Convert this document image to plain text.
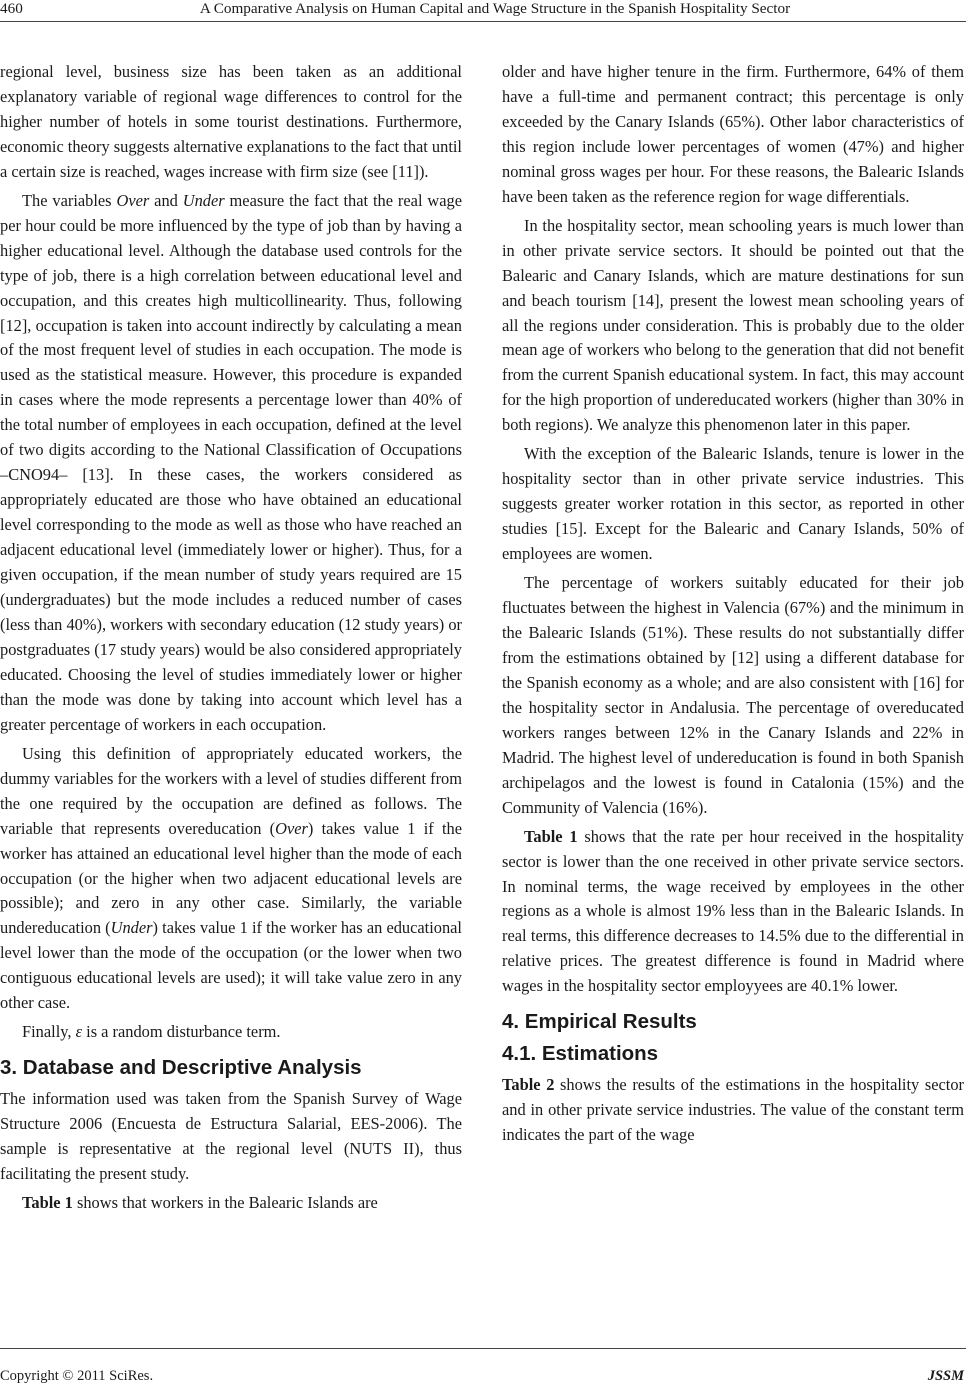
460	A Comparative Analysis on Human Capital and Wage Structure in the Spanish Hospitality Sector

regional level, business size has been taken as an additional explanatory variable of regional wage differences to control for the higher number of hotels in some tourist destinations. Furthermore, economic theory suggests alternative explanations to the fact that until a certain size is reached, wages increase with firm size (see [11]).

The variables Over and Under measure the fact that the real wage per hour could be more influenced by the type of job than by having a higher educational level. Although the database used controls for the type of job, there is a high correlation between educational level and occupation, and this creates high multicollinearity. Thus, following [12], occupation is taken into account indirectly by calculating a mean of the most frequent level of studies in each occupation. The mode is used as the statistical measure. However, this procedure is expanded in cases where the mode represents a percentage lower than 40% of the total number of employees in each occupation, defined at the level of two digits according to the National Classification of Occupations –CNO94– [13]. In these cases, the workers considered as appropriately educated are those who have obtained an educational level corresponding to the mode as well as those who have reached an adjacent educational level (immediately lower or higher). Thus, for a given occupation, if the mean number of study years required are 15 (undergraduates) but the mode includes a reduced number of cases (less than 40%), workers with secondary education (12 study years) or postgraduates (17 study years) would be also considered appropriately educated. Choosing the level of studies immediately lower or higher than the mode was done by taking into account which level has a greater percentage of workers in each occupation.

Using this definition of appropriately educated workers, the dummy variables for the workers with a level of studies different from the one required by the occupation are defined as follows. The variable that represents overeducation (Over) takes value 1 if the worker has attained an educational level higher than the mode of each occupation (or the higher when two adjacent educational levels are possible); and zero in any other case. Similarly, the variable undereducation (Under) takes value 1 if the worker has an educational level lower than the mode of the occupation (or the lower when two contiguous educational levels are used); it will take value zero in any other case.

Finally, ε is a random disturbance term.

3. Database and Descriptive Analysis

The information used was taken from the Spanish Survey of Wage Structure 2006 (Encuesta de Estructura Salarial, EES-2006). The sample is representative at the regional level (NUTS II), thus facilitating the present study.

Table 1 shows that workers in the Balearic Islands are

older and have higher tenure in the firm. Furthermore, 64% of them have a full-time and permanent contract; this percentage is only exceeded by the Canary Islands (65%). Other labor characteristics of this region include lower percentages of women (47%) and higher nominal gross wages per hour. For these reasons, the Balearic Islands have been taken as the reference region for wage differentials.

In the hospitality sector, mean schooling years is much lower than in other private service sectors. It should be pointed out that the Balearic and Canary Islands, which are mature destinations for sun and beach tourism [14], present the lowest mean schooling years of all the regions under consideration. This is probably due to the older mean age of workers who belong to the generation that did not benefit from the current Spanish educational system. In fact, this may account for the high proportion of undereducated workers (higher than 30% in both regions). We analyze this phenomenon later in this paper.

With the exception of the Balearic Islands, tenure is lower in the hospitality sector than in other private service industries. This suggests greater worker rotation in this sector, as reported in other studies [15]. Except for the Balearic and Canary Islands, 50% of employees are women.

The percentage of workers suitably educated for their job fluctuates between the highest in Valencia (67%) and the minimum in the Balearic Islands (51%). These results do not substantially differ from the estimations obtained by [12] using a different database for the Spanish economy as a whole; and are also consistent with [16] for the hospitality sector in Andalusia. The percentage of overeducated workers ranges between 12% in the Canary Islands and 22% in Madrid. The highest level of undereducation is found in both Spanish archipelagos and the lowest is found in Catalonia (15%) and the Community of Valencia (16%).

Table 1 shows that the rate per hour received in the hospitality sector is lower than the one received in other private service sectors. In nominal terms, the wage received by employees in the other regions as a whole is almost 19% less than in the Balearic Islands. In real terms, this difference decreases to 14.5% due to the differential in relative prices. The greatest difference is found in Madrid where wages in the hospitality sector employyees are 40.1% lower.

4. Empirical Results
4.1. Estimations

Table 2 shows the results of the estimations in the hospitality sector and in other private service industries. The value of the constant term indicates the part of the wage

Copyright © 2011 SciRes.	JSSM
